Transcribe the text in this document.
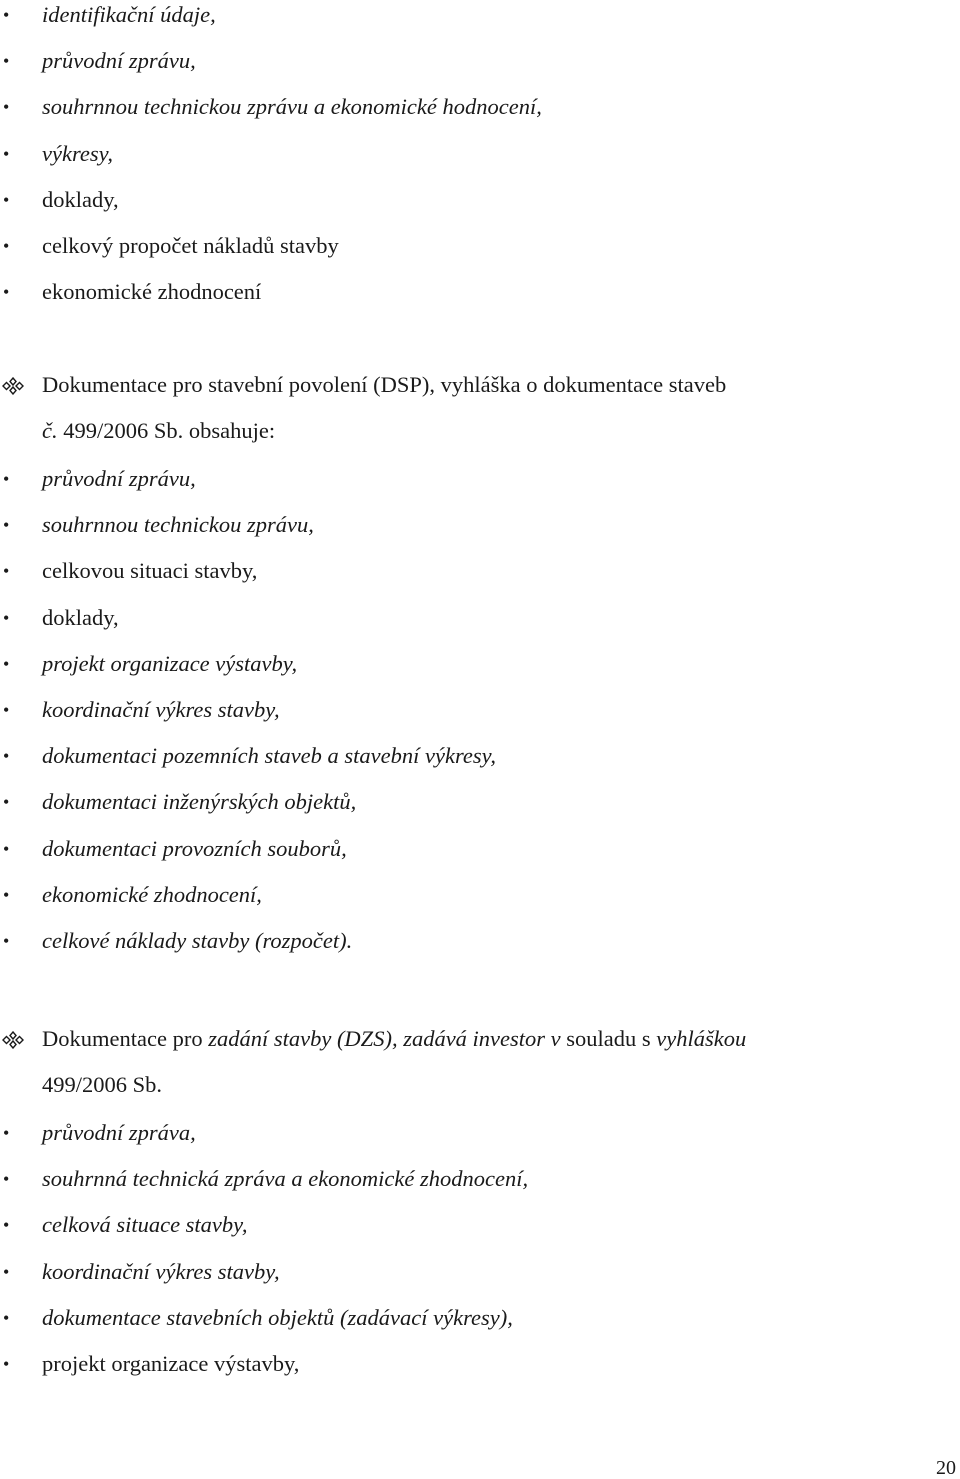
• identifikační údaje,
• průvodní zprávu,
• souhrnnou technickou zprávu a ekonomické hodnocení,
• výkresy,
• doklady,
• celkový propočet nákladů stavby
• ekonomické zhodnocení
Dokumentace pro stavební povolení (DSP), vyhláška o dokumentace staveb
č. 499/2006 Sb. obsahuje:
• průvodní zprávu,
• souhrnnou technickou zprávu,
• celkovou situaci stavby,
• doklady,
• projekt organizace výstavby,
• koordinační výkres stavby,
• dokumentaci pozemních staveb a stavební výkresy,
• dokumentaci inženýrských objektů,
• dokumentaci provozních souborů,
• ekonomické zhodnocení,
• celkové náklady stavby (rozpočet).
Dokumentace pro zadání stavby (DZS), zadává investor v souladu s vyhláškou
499/2006 Sb.
• průvodní zpráva,
• souhrnná technická zpráva a ekonomické zhodnocení,
• celková situace stavby,
• koordinační výkres stavby,
• dokumentace stavebních objektů (zadávací výkresy),
• projekt organizace výstavby,
20
